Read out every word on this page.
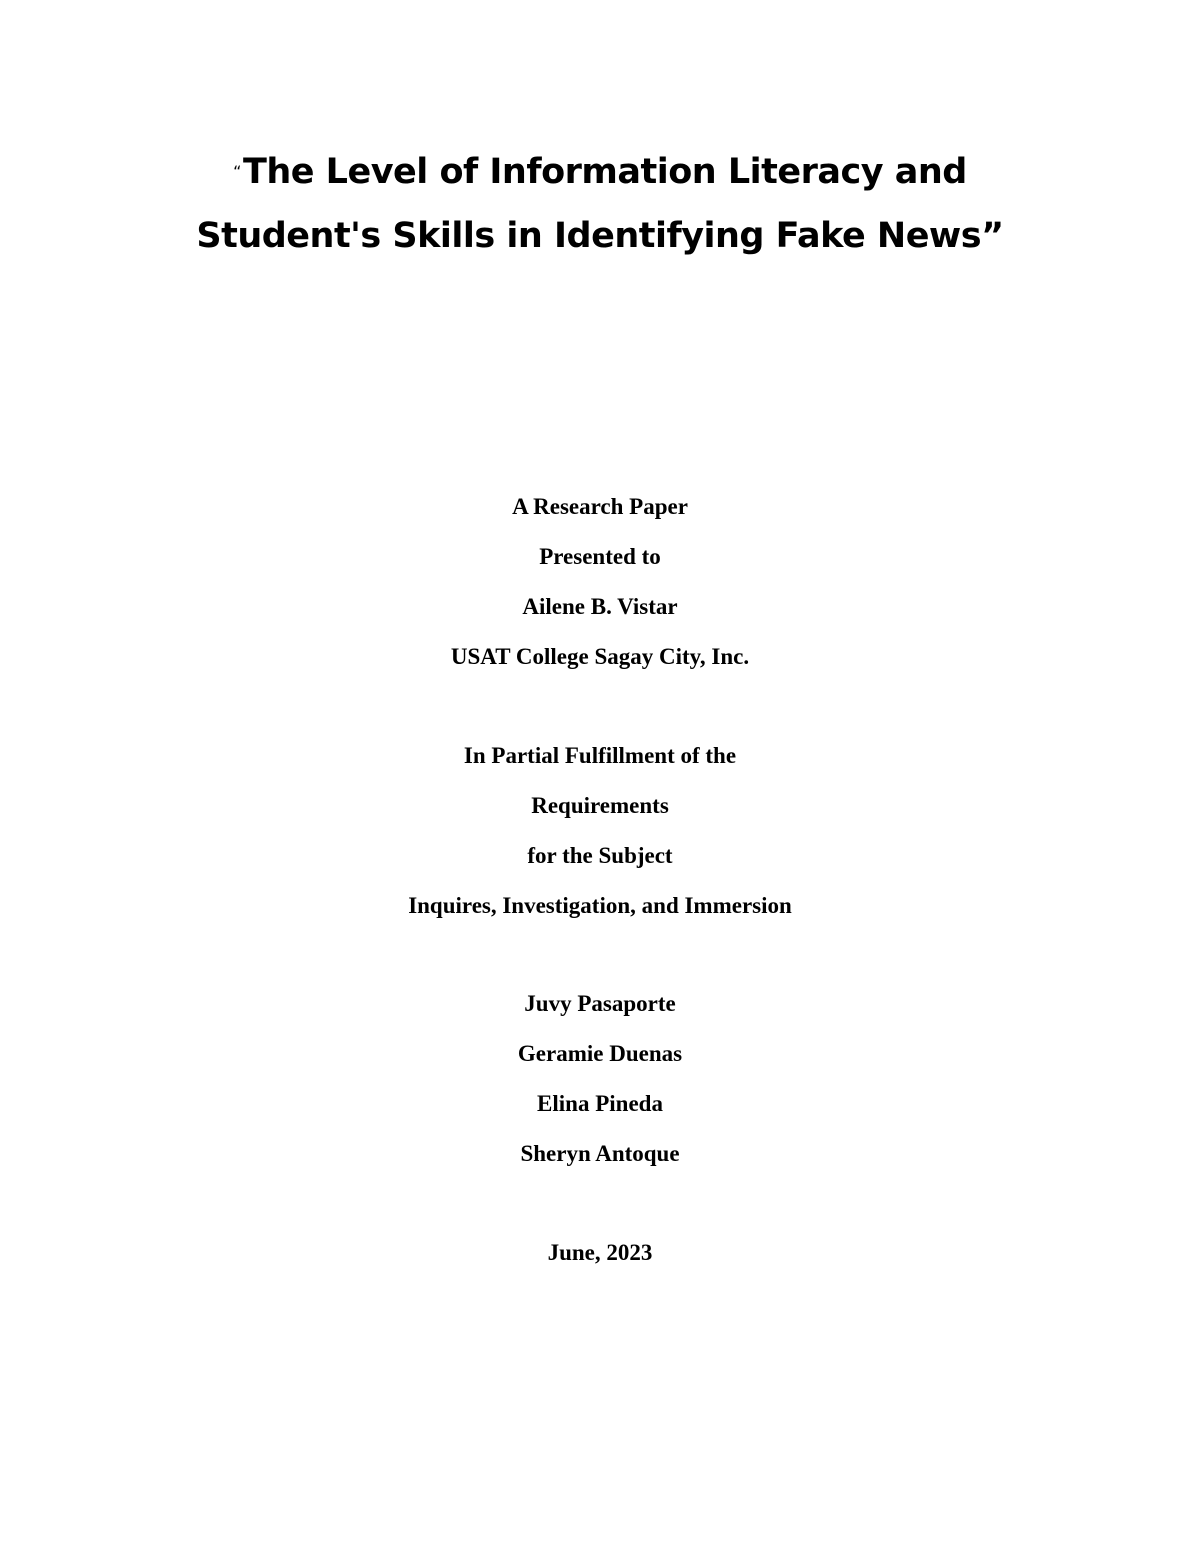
“The Level of Information Literacy and
Student's Skills in Identifying Fake News”
A Research Paper
Presented to
Ailene B. Vistar
USAT College Sagay City, Inc.
In Partial Fulfillment of the
Requirements
for the Subject
Inquires, Investigation, and Immersion
Juvy Pasaporte
Geramie Duenas
Elina Pineda
Sheryn Antoque
June, 2023
